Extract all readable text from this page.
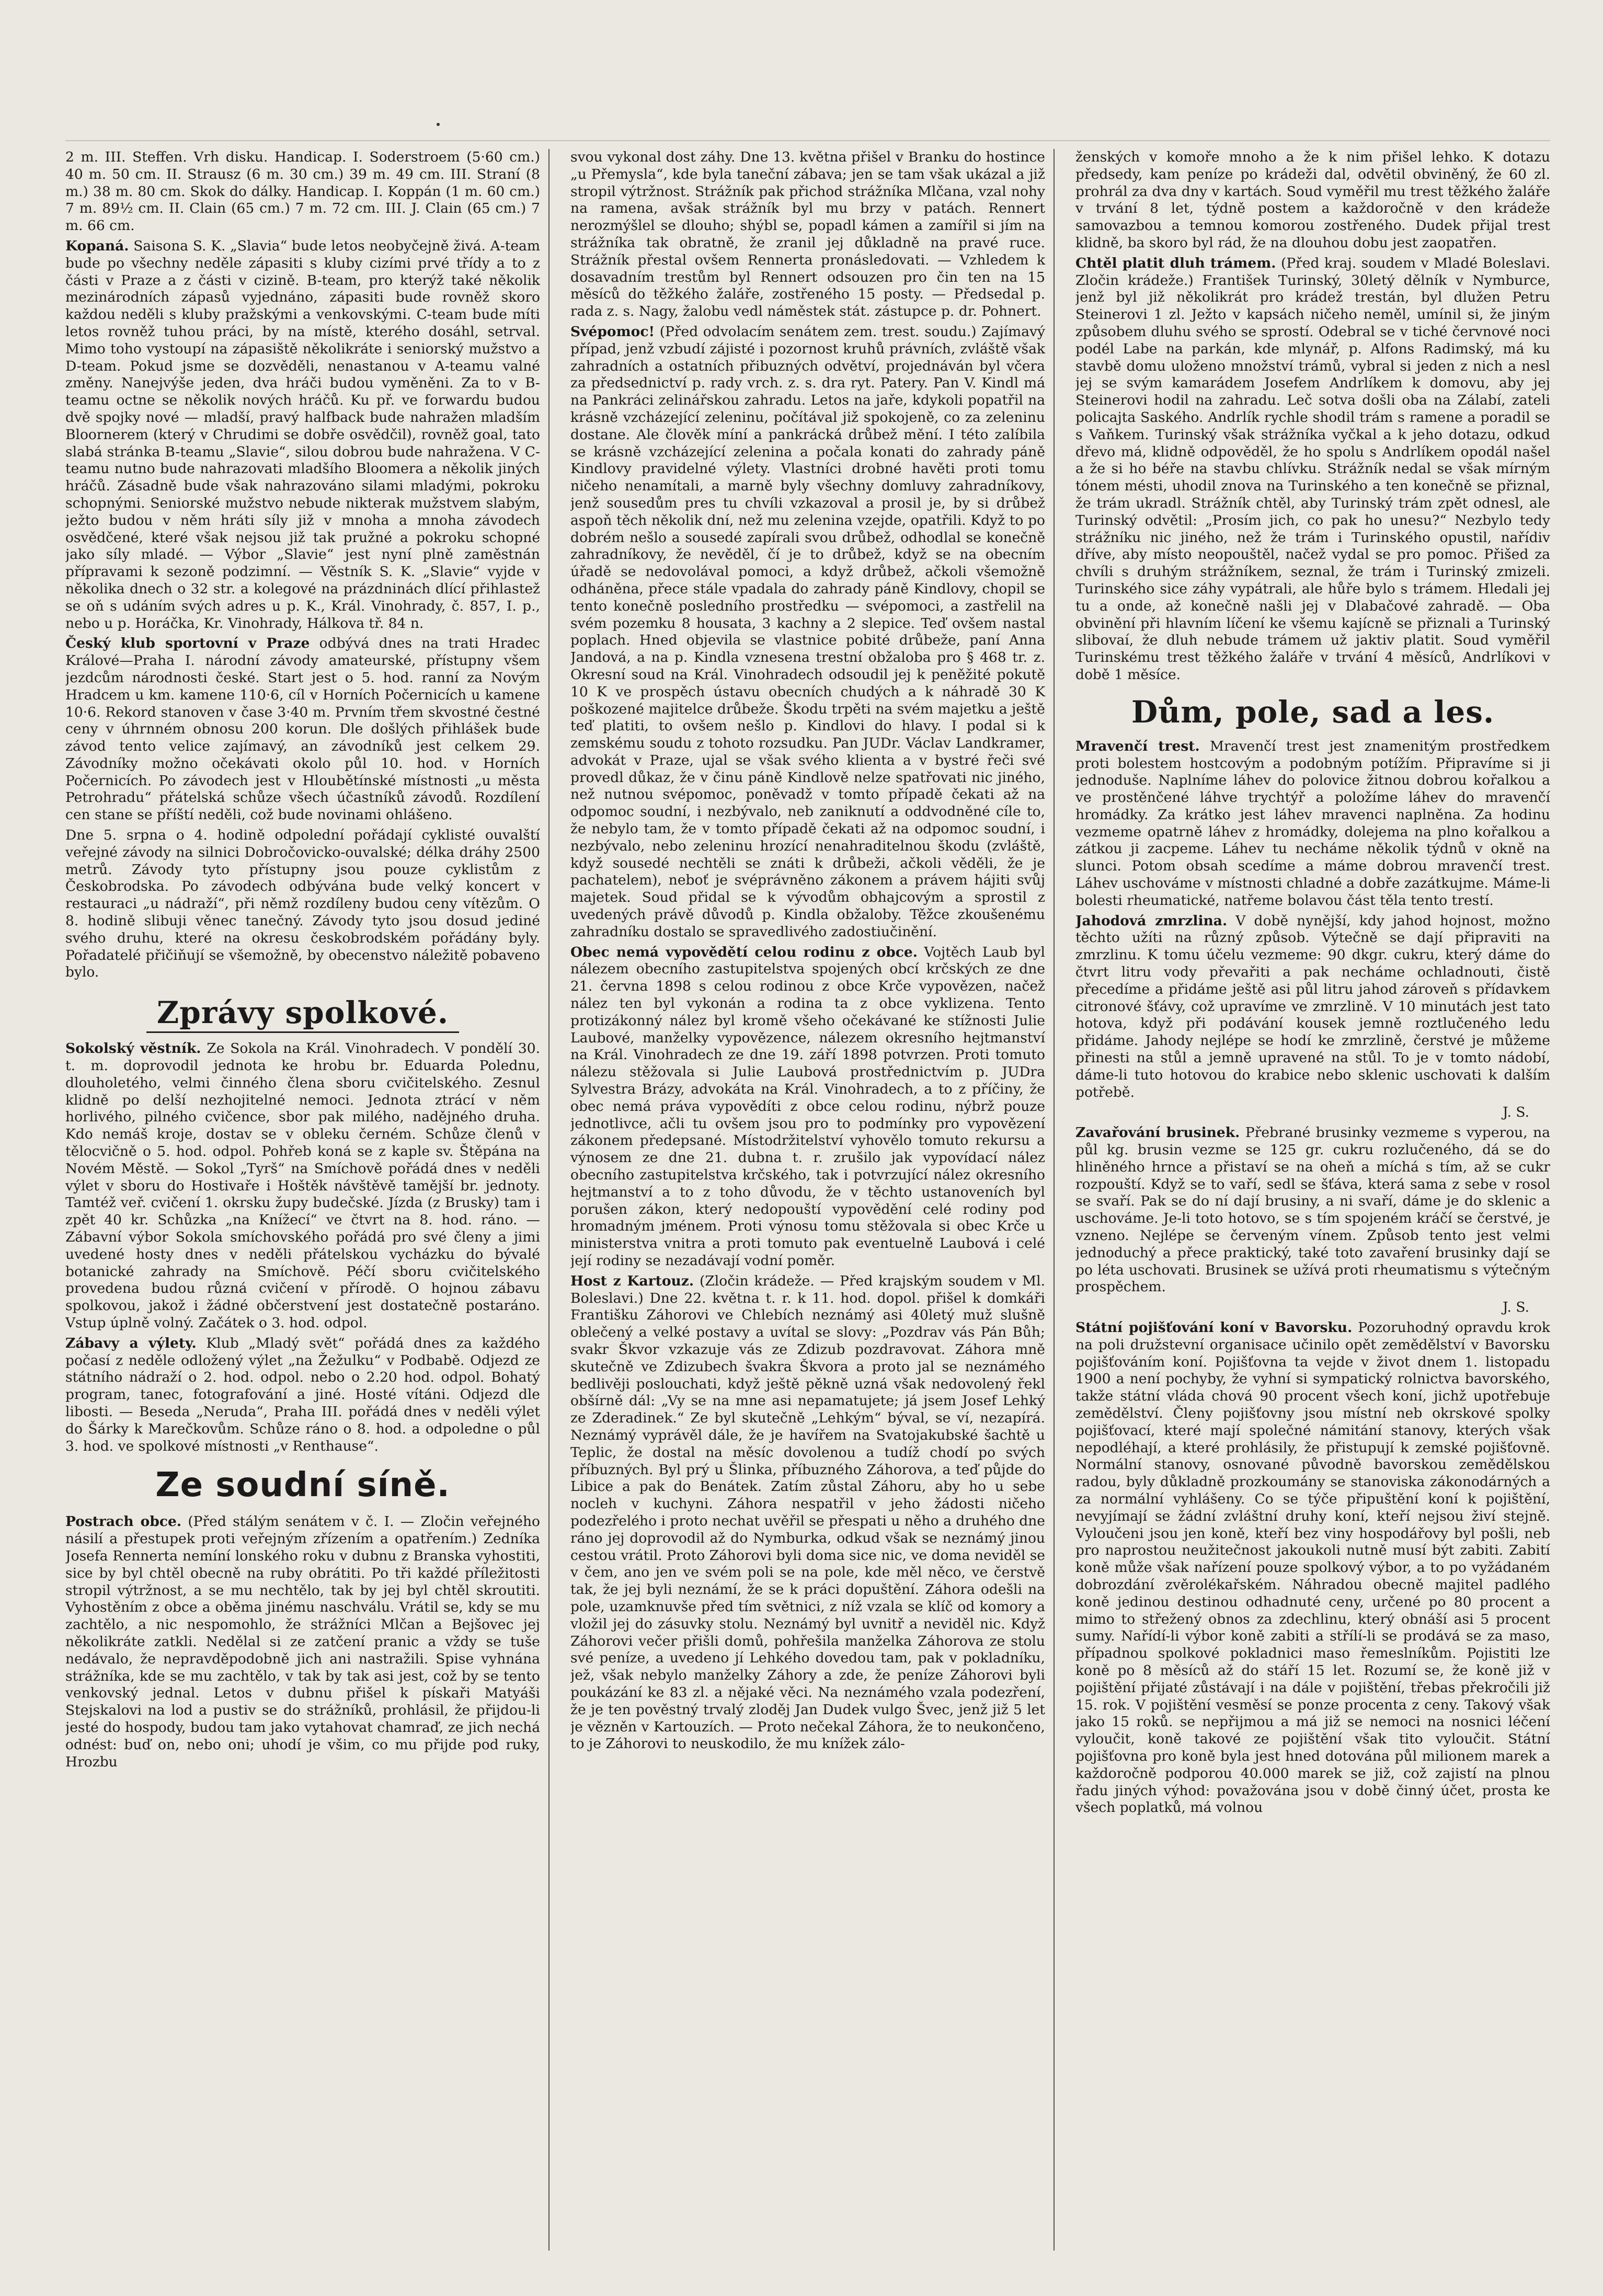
2 m. III. Steffen. Vrh disku. Handicap. I. Soderstroem (5·60 cm.) 40 m. 50 cm. II. Strausz (6 m. 30 cm.) 39 m. 49 cm. III. Straní (8 m.) 38 m. 80 cm. Skok do dálky. Handicap. I. Koppán (1 m. 60 cm.) 7 m. 89½ cm. II. Clain (65 cm.) 7 m. 72 cm. III. J. Clain (65 cm.) 7 m. 66 cm.

Kopaná. Saisona S. K. „Slavia“ bude letos neobyčejně živá. A-team bude po všechny neděle zápasiti s kluby cizími prvé třídy a to z části v Praze a z části v cizině. B-team, pro kterýž také několik mezinárodních zápasů vyjednáno, zápasiti bude rovněž skoro každou neděli s kluby pražskými a venkovskými. C-team bude míti letos rovněž tuhou práci, by na místě, kterého dosáhl, setrval. Mimo toho vystoupí na zápasiště několikráte i seniorský mužstvo a D-team. Pokud jsme se dozvěděli, nenastanou v A-teamu valné změny. Nanejvýše jeden, dva hráči budou vyměněni. Za to v B-teamu octne se několik nových hráčů. Ku př. ve forwardu budou dvě spojky nové — mladší, pravý halfback bude nahražen mladším Bloornerem (který v Chrudimi se dobře osvědčil), rovněž goal, tato slabá stránka B-teamu „Slavie“, silou dobrou bude nahražena. V C-teamu nutno bude nahrazovati mladšího Bloomera a několik jiných hráčů. Zásadně bude však nahrazováno silami mladými, pokroku schopnými. Seniorské mužstvo nebude nikterak mužstvem slabým, ježto budou v něm hráti síly již v mnoha a mnoha závodech osvědčené, které však nejsou již tak pružné a pokroku schopné jako síly mladé. — Výbor „Slavie“ jest nyní plně zaměstnán přípravami k sezoně podzimní. — Věstník S. K. „Slavie“ vyjde v několika dnech o 32 str. a kolegové na prázdninách dlící přihlastež se oň s udáním svých adres u p. K., Král. Vinohrady, č. 857, I. p., nebo u p. Horáčka, Kr. Vinohrady, Hálkova tř. 84 n.

Český klub sportovní v Praze odbývá dnes na trati Hradec Králové—Praha I. národní závody amateurské, přístupny všem jezdcům národnosti české. Start jest o 5. hod. ranní za Novým Hradcem u km. kamene 110·6, cíl v Horních Počernicích u kamene 10·6. Rekord stanoven v čase 3·40 m. Prvním třem skvostné čestné ceny v úhrnném obnosu 200 korun. Dle došlých přihlášek bude závod tento velice zajímavý, an závodníků jest celkem 29. Závodníky možno očekávati okolo půl 10. hod. v Horních Počernicích. Po závodech jest v Hloubětínské místnosti „u města Petrohradu“ přátelská schůze všech účastníků závodů. Rozdílení cen stane se příští neděli, což bude novinami ohlášeno.

Dne 5. srpna o 4. hodině odpolední pořádají cyklisté ouvalští veřejné závody na silnici Dobročovicko-ouvalské; délka dráhy 2500 metrů. Závody tyto přístupny jsou pouze cyklistům z Českobrodska. Po závodech odbývána bude velký koncert v restauraci „u nádraží“, při němž rozdíleny budou ceny vítězům. O 8. hodině slibuji věnec tanečný. Závody tyto jsou dosud jediné svého druhu, které na okresu českobrodském pořádány byly. Pořadatelé přičiňují se všemožně, by obecenstvo náležitě pobaveno bylo.

Zprávy spolkové.

Sokolský věstník. Ze Sokola na Král. Vinohradech. V pondělí 30. t. m. doprovodil jednota ke hrobu br. Eduarda Polednu, dlouholetého, velmi činného člena sboru cvičitelského. Zesnul klidně po delší nezhojitelné nemoci. Jednota ztrácí v něm horlivého, pilného cvičence, sbor pak milého, nadějného druha. Kdo nemáš kroje, dostav se v obleku černém. Schůze členů v tělocvičně o 5. hod. odpol. Pohřeb koná se z kaple sv. Štěpána na Novém Městě. — Sokol „Tyrš“ na Smíchově pořádá dnes v neděli výlet v sboru do Hostivaře i Hoštěk návštěvě tamější br. jednoty. Tamtéž veř. cvičení 1. okrsku župy budečské. Jízda (z Brusky) tam i zpět 40 kr. Schůzka „na Knížecí“ ve čtvrt na 8. hod. ráno. — Zábavní výbor Sokola smíchovského pořádá pro své členy a jimi uvedené hosty dnes v neděli přátelskou vycházku do bývalé botanické zahrady na Smíchově. Péčí sboru cvičitelského provedena budou různá cvičení v přírodě. O hojnou zábavu spolkovou, jakož i žádné občerstvení jest dostatečně postaráno. Vstup úplně volný. Začátek o 3. hod. odpol.

Zábavy a výlety. Klub „Mladý svět“ pořádá dnes za každého počasí z neděle odložený výlet „na Žežulku“ v Podbabě. Odjezd ze státního nádraží o 2. hod. odpol. nebo o 2.20 hod. odpol. Bohatý program, tanec, fotografování a jiné. Hosté vítáni. Odjezd dle libosti. — Beseda „Neruda“, Praha III. pořádá dnes v neděli výlet do Šárky k Marečkovům. Schůze ráno o 8. hod. a odpoledne o půl 3. hod. ve spolkové místnosti „v Renthause“.

Ze soudní síně.

Postrach obce. (Před stálým senátem v č. I. — Zločin veřejného násilí a přestupek proti veřejným zřízením a opatřením.) Zedníka Josefa Rennerta nemíní lonského roku v dubnu z Branska vyhostiti, sice by byl chtěl obecně na ruby obrátiti. Po tři každé příležitosti stropil výtržnost, a se mu nechtělo, tak by jej byl chtěl skroutiti. Vyhostěním z obce a oběma jinému naschválu. Vrátil se, kdy se mu zachtělo, a nic nespomohlo, že strážníci Mlčan a Bejšovec jej několikráte zatkli. Nedělal si ze zatčení pranic a vždy se tuše nedávalo, že nepravděpodobně jich ani nastražili. Spise vyhnána strážníka, kde se mu zachtělo, v tak by tak asi jest, což by se tento venkovský jednal. Letos v dubnu přišel k pískaři Matyáši Stejskalovi na lod a pustiv se do strážníků, prohlásil, že přijdou-li jesté do hospody, budou tam jako vytahovat chamraď, ze jich nechá odnést: buď on, nebo oni; uhodí je všim, co mu přijde pod ruky, Hrozbu

svou vykonal dost záhy. Dne 13. května přišel v Branku do hostince „u Přemysla“, kde byla taneční zábava; jen se tam však ukázal a již stropil výtržnost. Strážník pak přichod strážníka Mlčana, vzal nohy na ramena, avšak strážník byl mu brzy v patách. Rennert nerozmýšlel se dlouho; shýbl se, popadl kámen a zamířil si jím na strážníka tak obratně, že zranil jej důkladně na pravé ruce. Strážník přestal ovšem Rennerta pronásledovati. — Vzhledem k dosavadním trestům byl Rennert odsouzen pro čin ten na 15 měsíců do těžkého žaláře, zostřeného 15 posty. — Předsedal p. rada z. s. Nagy, žalobu vedl náměstek stát. zástupce p. dr. Pohnert.

Svépomoc! (Před odvolacím senátem zem. trest. soudu.) Zajímavý případ, jenž vzbudí zájisté i pozornost kruhů právních, zvláště však zahradních a ostatních přibuzných odvětví, projednáván byl včera za předsednictví p. rady vrch. z. s. dra ryt. Patery. Pan V. Kindl má na Pankráci zelinářskou zahradu. Letos na jaře, kdykoli popatřil na krásně vzcházející zeleninu, počítával již spokojeně, co za zeleninu dostane. Ale člověk míní a pankrácká drůbež mění. I této zalíbila se krásně vzcházející zelenina a počala konati do zahrady páně Kindlovy pravidelné výlety. Vlastníci drobné havěti proti tomu ničeho nenamítali, a marně byly všechny domluvy zahradníkovy, jenž sousedům pres tu chvíli vzkazoval a prosil je, by si drůbež aspoň těch několik dní, než mu zelenina vzejde, opatřili. Když to po dobrém nešlo a sousedé zapírali svou drůbež, odhodlal se konečně zahradníkovy, že nevěděl, čí je to drůbež, když se na obecním úřadě se nedovolával pomoci, a když drůbež, ačkoli všemožně odháněna, přece stále vpadala do zahrady páně Kindlovy, chopil se tento konečně posledního prostředku — svépomoci, a zastřelil na svém pozemku 8 housata, 3 kachny a 2 slepice. Teď ovšem nastal poplach. Hned objevila se vlastnice pobité drůbeže, paní Anna Jandová, a na p. Kindla vznesena trestní obžaloba pro § 468 tr. z. Okresní soud na Král. Vinohradech odsoudil jej k peněžité pokutě 10 K ve prospěch ústavu obecních chudých a k náhradě 30 K poškozené majitelce drůbeže. Škodu trpěti na svém majetku a ještě teď platiti, to ovšem nešlo p. Kindlovi do hlavy. I podal si k zemskému soudu z tohoto rozsudku. Pan JUDr. Václav Landkramer, advokát v Praze, ujal se však svého klienta a v bystré řeči své provedl důkaz, že v činu páně Kindlově nelze spatřovati nic jiného, než nutnou svépomoc, poněvadž v tomto případě čekati až na odpomoc soudní, i nezbývalo, neb zaniknutí a oddvodněné cíle to, že nebylo tam, že v tomto případě čekati až na odpomoc soudní, i nezbývalo, nebo zeleninu hrozící nenahraditelnou škodu (zvláště, když sousedé nechtěli se znáti k drůbeži, ačkoli věděli, že je pachatelem), neboť je svéprávněno zákonem a právem hájiti svůj majetek. Soud přidal se k vývodům obhajcovým a sprostil z uvedených právě důvodů p. Kindla obžaloby. Těžce zkoušenému zahradníku dostalo se spravedlivého zadostiučinění.

Obec nemá vypovědětí celou rodinu z obce. Vojtěch Laub byl nálezem obecního zastupitelstva spojených obcí krčských ze dne 21. června 1898 s celou rodinou z obce Krče vypovězen, načež nález ten byl vykonán a rodina ta z obce vyklizena. Tento protizákonný nález byl kromě všeho očekávané ke stížnosti Julie Laubové, manželky vypovězence, nálezem okresního hejtmanství na Král. Vinohradech ze dne 19. září 1898 potvrzen. Proti tomuto nálezu stěžovala si Julie Laubová prostřednictvím p. JUDra Sylvestra Brázy, advokáta na Král. Vinohradech, a to z příčiny, že obec nemá práva vypovědíti z obce celou rodinu, nýbrž pouze jednotlivce, ačli tu ovšem jsou pro to podmínky pro vypovězení zákonem předepsané. Místodržitelství vyhovělo tomuto rekursu a výnosem ze dne 21. dubna t. r. zrušilo jak vypovídací nález obecního zastupitelstva krčského, tak i potvrzující nález okresního hejtmanství a to z toho důvodu, že v těchto ustanoveních byl porušen zákon, který nedopouští vypovědění celé rodiny pod hromadným jménem. Proti výnosu tomu stěžovala si obec Krče u ministerstva vnitra a proti tomuto pak eventuelně Laubová i celé její rodiny se nezadávají vodní poměr.

Host z Kartouz. (Zločin krádeže. — Před krajským soudem v Ml. Boleslavi.) Dne 22. května t. r. k 11. hod. dopol. přišel k domkáři Františku Záhorovi ve Chlebích neznámý asi 40letý muž slušně oblečený a velké postavy a uvítal se slovy: „Pozdrav vás Pán Bůh; svakr Škvor vzkazuje vás ze Zdizub pozdravovat. Záhora mně skutečně ve Zdizubech švakra Škvora a proto jal se neznámého bedlivěji poslouchati, když ještě pěkně uzná však nedovolený řekl obšírně dál: „Vy se na mne asi nepamatujete; já jsem Josef Lehký ze Zderadinek.“ Ze byl skutečně „Lehkým“ býval, se ví, nezapírá. Neznámý vyprávěl dále, že je havířem na Svatojakubské šachtě u Teplic, že dostal na měsíc dovolenou a tudíž chodí po svých příbuzných. Byl prý u Šlinka, příbuzného Záhorova, a teď půjde do Libice a pak do Benátek. Zatím zůstal Záhoru, aby ho u sebe nocleh v kuchyni. Záhora nespatřil v jeho žádosti ničeho podezřelého i proto nechat uvěřil se přespati u něho a druhého dne ráno jej doprovodil až do Nymburka, odkud však se neznámý jinou cestou vrátil. Proto Záhorovi byli doma sice nic, ve doma neviděl se v čem, ano jen ve svém poli se na pole, kde měl něco, ve čerstvě tak, že jej byli neznámí, že se k práci dopuštění. Záhora odešli na pole, uzamknuvše před tím světnici, z níž vzala se klíč od komory a vložil jej do zásuvky stolu. Neznámý byl uvnitř a neviděl nic. Když Záhorovi večer přišli domů, pohřešila manželka Záhorova ze stolu své peníze, a uvedeno jí Lehkého dovedou tam, pak v pokladníku, jež, však nebylo manželky Záhory a zde, že peníze Záhorovi byli poukázání ke 83 zl. a nějaké věci. Na neznámého vzala podezření, že je ten pověstný trvalý zloděj Jan Dudek vulgo Švec, jenž již 5 let je vězněn v Kartouzích. — Proto nečekal Záhora, že to neukončeno, to je Záhorovi to neuskodilo, že mu knížek zálo-

ženských v komoře mnoho a že k nim přišel lehko. K dotazu předsedy, kam peníze po krádeži dal, odvětil obviněný, že 60 zl. prohrál za dva dny v kartách. Soud vyměřil mu trest těžkého žaláře v trvání 8 let, týdně postem a každoročně v den krádeže samovazbou a temnou komorou zostřeného. Dudek přijal trest klidně, ba skoro byl rád, že na dlouhou dobu jest zaopatřen.

Chtěl platit dluh trámem. (Před kraj. soudem v Mladé Boleslavi. Zločin krádeže.) František Turinský, 30letý dělník v Nymburce, jenž byl již několikrát pro krádež trestán, byl dlužen Petru Steinerovi 1 zl. Ježto v kapsách ničeho neměl, umínil si, že jiným způsobem dluhu svého se sprostí. Odebral se v tiché červnové noci podél Labe na parkán, kde mlynář, p. Alfons Radimský, má ku stavbě domu uloženo množství trámů, vybral si jeden z nich a nesl jej se svým kamarádem Josefem Andrlíkem k domovu, aby jej Steinerovi hodil na zahradu. Leč sotva došli oba na Zálabí, zateli policajta Saského. Andrlík rychle shodil trám s ramene a poradil se s Vaňkem. Turinský však strážníka vyčkal a k jeho dotazu, odkud dřevo má, klidně odpověděl, že ho spolu s Andrlíkem opodál našel a že si ho béře na stavbu chlívku. Strážník nedal se však mírným tónem mésti, uhodil znova na Turinského a ten konečně se přiznal, že trám ukradl. Strážník chtěl, aby Turinský trám zpět odnesl, ale Turinský odvětil: „Prosím jich, co pak ho unesu?“ Nezbylo tedy strážníku nic jiného, než že trám i Turinského opustil, nařídiv dříve, aby místo neopouštěl, načež vydal se pro pomoc. Přišed za chvíli s druhým strážníkem, seznal, že trám i Turinský zmizeli. Turinského sice záhy vypátrali, ale hůře bylo s trámem. Hledali jej tu a onde, až konečně našli jej v Dlabačové zahradě. — Oba obvinění při hlavním líčení ke všemu kajícně se přiznali a Turinský slibovaí, že dluh nebude trámem už jaktiv platit. Soud vyměřil Turinskému trest těžkého žaláře v trvání 4 měsíců, Andrlíkovi v době 1 měsíce.

Dům, pole, sad a les.

Mravenčí trest. Mravenčí trest jest znamenitým prostředkem proti bolestem hostcovým a podobným potížím. Připravíme si ji jednoduše. Naplníme láhev do polovice žitnou dobrou kořalkou a ve prostěnčené láhve trychtýř a položíme láhev do mravenčí hromádky. Za krátko jest láhev mravenci naplněna. Za hodinu vezmeme opatrně láhev z hromádky, dolejema na plno kořalkou a zátkou ji zacpeme. Láhev tu necháme několik týdnů v okně na slunci. Potom obsah scedíme a máme dobrou mravenčí trest. Láhev uschováme v místnosti chladné a dobře zazátkujme. Máme-li bolesti rheumatické, natřeme bolavou část těla tento trestí.

Jahodová zmrzlina. V době nynější, kdy jahod hojnost, možno těchto užíti na různý způsob. Výtečně se dají připraviti na zmrzlinu. K tomu účelu vezmeme: 90 dkgr. cukru, který dáme do čtvrt litru vody převařiti a pak necháme ochladnouti, čistě přecedíme a přidáme ještě asi půl litru jahod zároveň s přídavkem citronové šťávy, což upravíme ve zmrzlině. V 10 minutách jest tato hotova, když při podávání kousek jemně roztlučeného ledu přidáme. Jahody nejlépe se hodí ke zmrzlině, čerstvé je můžeme přinesti na stůl a jemně upravené na stůl. To je v tomto nádobí, dáme-li tuto hotovou do krabice nebo sklenic uschovati k dalším potřebě.

J. S.

Zavařování brusinek. Přebrané brusinky vezmeme s vyperou, na půl kg. brusin vezme se 125 gr. cukru rozlučeného, dá se do hliněného hrnce a přistaví se na oheň a míchá s tím, až se cukr rozpouští. Když se to vaří, sedl se šťáva, která sama z sebe v rosol se svaří. Pak se do ní dají brusiny, a ni svaří, dáme je do sklenic a uschováme. Je-li toto hotovo, se s tím spojeném kráčí se čerstvé, je vzneno. Nejlépe se červeným vínem. Způsob tento jest velmi jednoduchý a přece praktický, také toto zavaření brusinky dají se po léta uschovati. Brusinek se užívá proti rheumatismu s výtečným prospěchem.

J. S.

Státní pojišťování koní v Bavorsku. Pozoruhodný opravdu krok na poli družstevní organisace učinilo opět zemědělství v Bavorsku pojišťováním koní. Pojišťovna ta vejde v život dnem 1. listopadu 1900 a není pochyby, že vyhní si sympatický rolnictva bavorského, takže státní vláda chová 90 procent všech koní, jichž upotřebuje zemědělství. Členy pojišťovny jsou místní neb okrskové spolky pojišťovací, které mají společné námitání stanovy, kterých však nepodléhají, a které prohlásily, že přistupují k zemské pojišťovně. Normální stanovy, osnované původně bavorskou zemědělskou radou, byly důkladně prozkoumány se stanoviska zákonodárných a za normální vyhlášeny. Co se týče připuštění koní k pojištění, nevyjímají se žádní zvláštní druhy koní, kteří nejsou živí stejně. Vyloučeni jsou jen koně, kteří bez viny hospodářovy byl pošli, neb pro naprostou neužitečnost jakoukoli nutně musí být zabiti. Zabití koně může však nařízení pouze spolkový výbor, a to po vyžádaném dobrozdání zvěrolékařském. Náhradou obecně majitel padlého koně jedinou destinou odhadnuté ceny, určené po 80 procent a mimo to střežený obnos za zdechlinu, který obnáší asi 5 procent sumy. Nařídí-li výbor koně zabiti a střílí-li se prodává se za maso, případnou spolkové pokladnici maso řemeslníkům. Pojistiti lze koně po 8 měsíců až do stáří 15 let. Rozumí se, že koně již v pojištění přijaté zůstávají i na dále v pojištění, třebas překročili již 15. rok. V pojištění vesměsí se ponze procenta z ceny. Takový však jako 15 roků. se nepřijmou a má již se nemoci na nosnici léčení vyloučit, koně takové ze pojištění však tito vyloučit. Státní pojišťovna pro koně byla jest hned dotována půl milionem marek a každoročně podporou 40.000 marek se již, což zajistí na plnou řadu jiných výhod: považována jsou v době činný účet, prosta ke všech poplatků, má volnou
